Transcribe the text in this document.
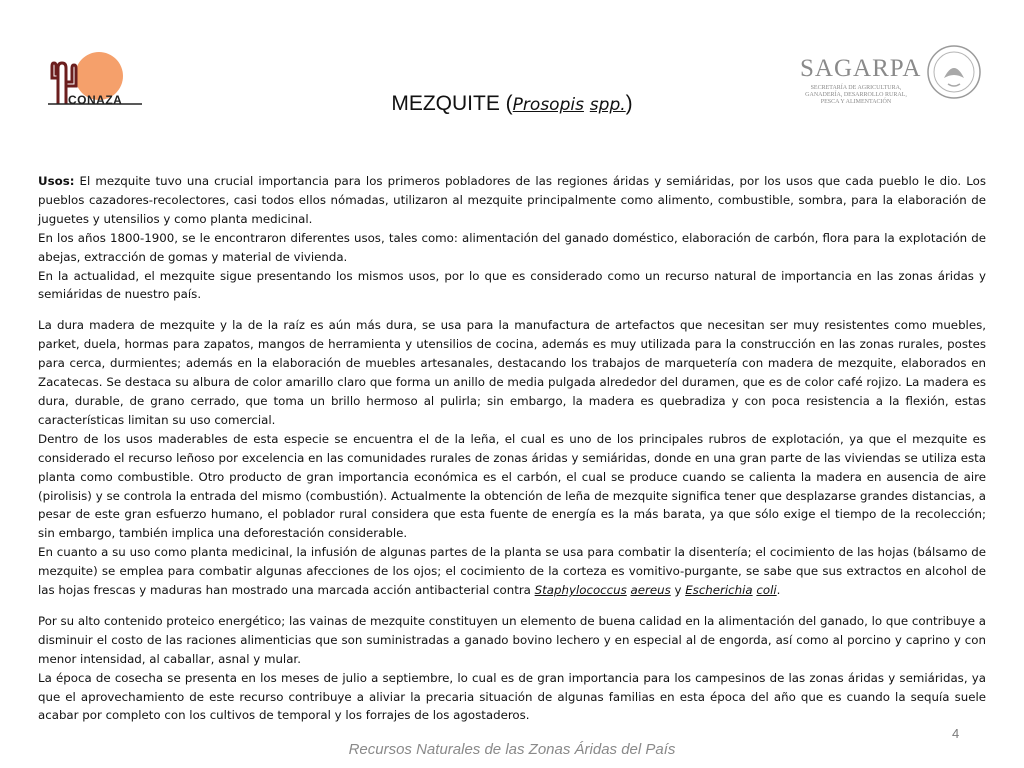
CONAZA
SAGARPA
SECRETARÍA DE AGRICULTURA, GANADERÍA, DESARROLLO RURAL, PESCA Y ALIMENTACIÓN
MEZQUITE (Prosopis spp.)

Usos: El mezquite tuvo una crucial importancia para los primeros pobladores de las regiones áridas y semiáridas, por los usos que cada pueblo le dio. Los pueblos cazadores-recolectores, casi todos ellos nómadas, utilizaron al mezquite principalmente como alimento, combustible, sombra, para la elaboración de juguetes y utensilios y como planta medicinal.

En los años 1800-1900, se le encontraron diferentes usos, tales como: alimentación del ganado doméstico, elaboración de carbón, flora para la explotación de abejas, extracción de gomas y material de vivienda.

En la actualidad, el mezquite sigue presentando los mismos usos, por lo que es considerado como un recurso natural de importancia en las zonas áridas y semiáridas de nuestro país.

La dura madera de mezquite y la de la raíz es aún más dura, se usa para la manufactura de artefactos que necesitan ser muy resistentes como muebles, parket, duela, hormas para zapatos, mangos de herramienta y utensilios de cocina, además es muy utilizada para la construcción en las zonas rurales, postes para cerca, durmientes; además en la elaboración de muebles artesanales, destacando los trabajos de marquetería con madera de mezquite, elaborados en Zacatecas. Se destaca su albura de color amarillo claro que forma un anillo de media pulgada alrededor del duramen, que es de color café rojizo. La madera es dura, durable, de grano cerrado, que toma un brillo hermoso al pulirla; sin embargo, la madera es quebradiza y con poca resistencia a la flexión, estas características limitan su uso comercial.

Dentro de los usos maderables de esta especie se encuentra el de la leña, el cual es uno de los principales rubros de explotación, ya que el mezquite es considerado el recurso leñoso por excelencia en las comunidades rurales de zonas áridas y semiáridas, donde en una gran parte de las viviendas se utiliza esta planta como combustible. Otro producto de gran importancia económica es el carbón, el cual se produce cuando se calienta la madera en ausencia de aire (pirolisis) y se controla la entrada del mismo (combustión). Actualmente la obtención de leña de mezquite significa tener que desplazarse grandes distancias, a pesar de este gran esfuerzo humano, el poblador rural considera que esta fuente de energía es la más barata, ya que sólo exige el tiempo de la recolección; sin embargo, también implica una deforestación considerable.

En cuanto a su uso como planta medicinal, la infusión de algunas partes de la planta se usa para combatir la disentería; el cocimiento de las hojas (bálsamo de mezquite) se emplea para combatir algunas afecciones de los ojos; el cocimiento de la corteza es vomitivo-purgante, se sabe que sus extractos en alcohol de las hojas frescas y maduras han mostrado una marcada acción antibacterial contra Staphylococcus aereus y Escherichia coli.

Por su alto contenido proteico energético; las vainas de mezquite constituyen un elemento de buena calidad en la alimentación del ganado, lo que contribuye a disminuir el costo de las raciones alimenticias que son suministradas a ganado bovino lechero y en especial al de engorda, así como al porcino y caprino y con menor intensidad, al caballar, asnal y mular.

La época de cosecha se presenta en los meses de julio a septiembre, lo cual es de gran importancia para los campesinos de las zonas áridas y semiáridas, ya que el aprovechamiento de este recurso contribuye a aliviar la precaria situación de algunas familias en esta época del año que es cuando la sequía suele acabar por completo con los cultivos de temporal y los forrajes de los agostaderos.

4
Recursos Naturales de las Zonas Áridas del País
